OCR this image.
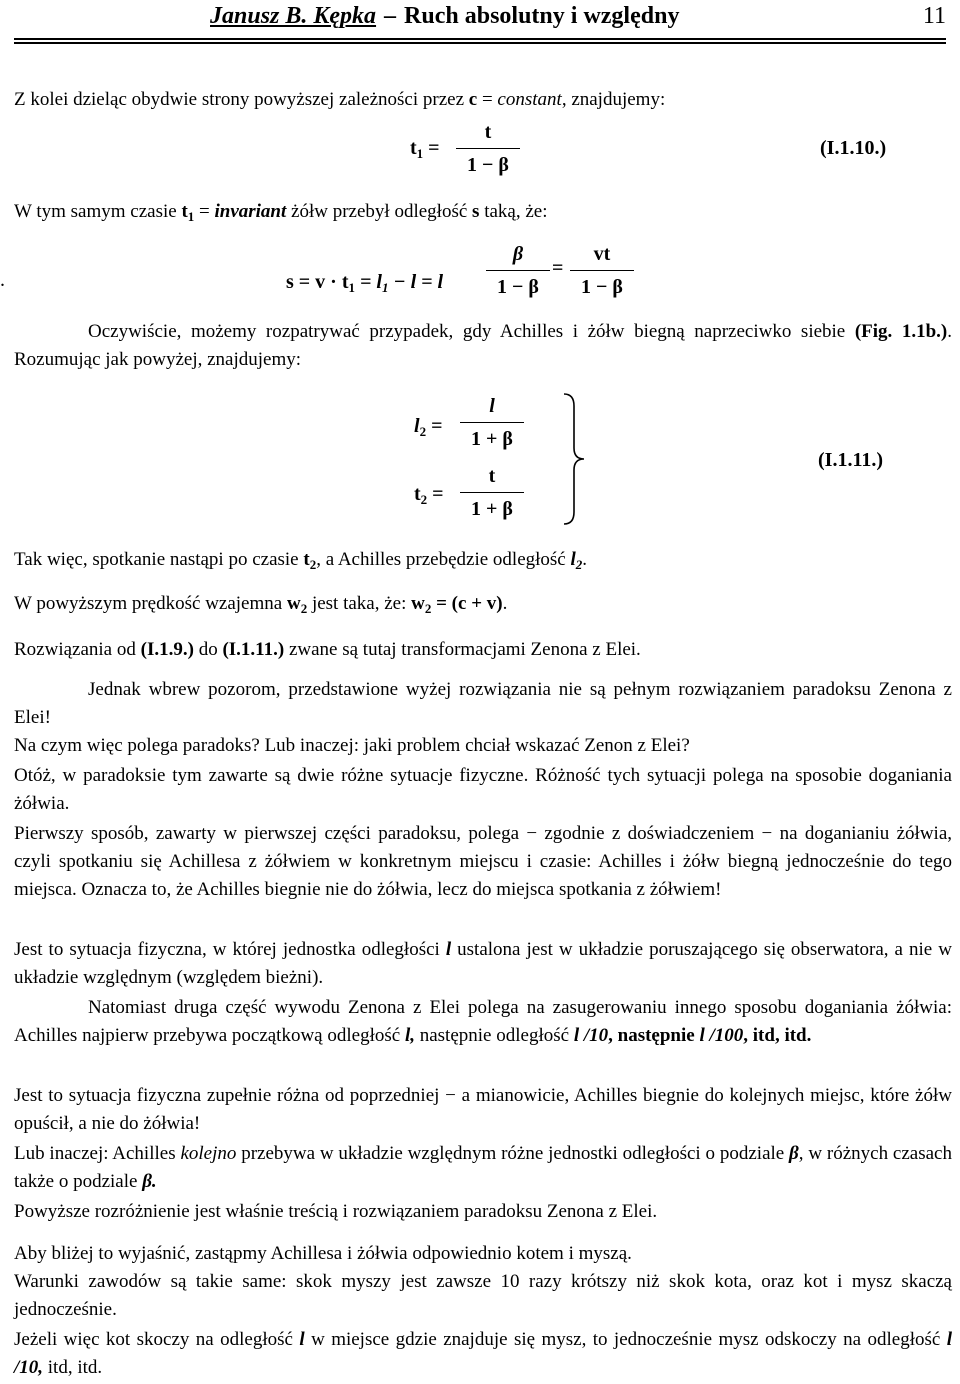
Janusz B. Kępka – Ruch absolutny i względny	11
Z kolei dzieląc obydwie strony powyższej zależności przez c = constant, znajdujemy:
$t_1$ =
t
1 − β
(I.1.10.)
W tym samym czasie $t_1$ = invariant żółw przebył odległość s taką, że:
.	$s = v \cdot t_1 = l_1 - l = l$
β
1 − β
=
vt
1 − β
Oczywiście, możemy rozpatrywać przypadek, gdy Achilles i żółw biegną naprzeciwko siebie (Fig. 1.1b.). Rozumując jak powyżej, znajdujemy:
$l_2$ =
l
1 + β
$t_2$ =
t
1 + β
(I.1.11.)
Tak więc, spotkanie nastąpi po czasie $t_2$, a Achilles przebędzie odległość $l_2$.
W powyższym prędkość wzajemna $w_2$ jest taka, że: $w_2 = (c + v)$.
Rozwiązania od (I.1.9.) do (I.1.11.) zwane są tutaj transformacjami Zenona z Elei.
Jednak wbrew pozorom, przedstawione wyżej rozwiązania nie są pełnym rozwiązaniem paradoksu Zenona z Elei!
Na czym więc polega paradoks? Lub inaczej: jaki problem chciał wskazać Zenon z Elei?
Otóż, w paradoksie tym zawarte są dwie różne sytuacje fizyczne. Różność tych sytuacji polega na sposobie doganiania żółwia.
Pierwszy sposób, zawarty w pierwszej części paradoksu, polega − zgodnie z doświadczeniem − na doganianiu żółwia, czyli spotkaniu się Achillesa z żółwiem w konkretnym miejscu i czasie: Achilles i żółw biegną jednocześnie do tego miejsca. Oznacza to, że Achilles biegnie nie do żółwia, lecz do miejsca spotkania z żółwiem!
Jest to sytuacja fizyczna, w której jednostka odległości l ustalona jest w układzie poruszającego się obserwatora, a nie w układzie względnym (względem bieżni).
Natomiast druga część wywodu Zenona z Elei polega na zasugerowaniu innego sposobu doganiania żółwia: Achilles najpierw przebywa początkową odległość l, następnie odległość l /10, następnie l /100, itd, itd.
Jest to sytuacja fizyczna zupełnie różna od poprzedniej − a mianowicie, Achilles biegnie do kolejnych miejsc, które żółw opuścił, a nie do żółwia!
Lub inaczej: Achilles kolejno przebywa w układzie względnym różne jednostki odległości o podziale β, w różnych czasach także o podziale β.
Powyższe rozróżnienie jest właśnie treścią i rozwiązaniem paradoksu Zenona z Elei.
Aby bliżej to wyjaśnić, zastąpmy Achillesa i żółwia odpowiednio kotem i myszą.
Warunki zawodów są takie same: skok myszy jest zawsze 10 razy krótszy niż skok kota, oraz kot i mysz skaczą jednocześnie.
Jeżeli więc kot skoczy na odległość l w miejsce gdzie znajduje się mysz, to jednocześnie mysz odskoczy na odległość l /10, itd, itd.
